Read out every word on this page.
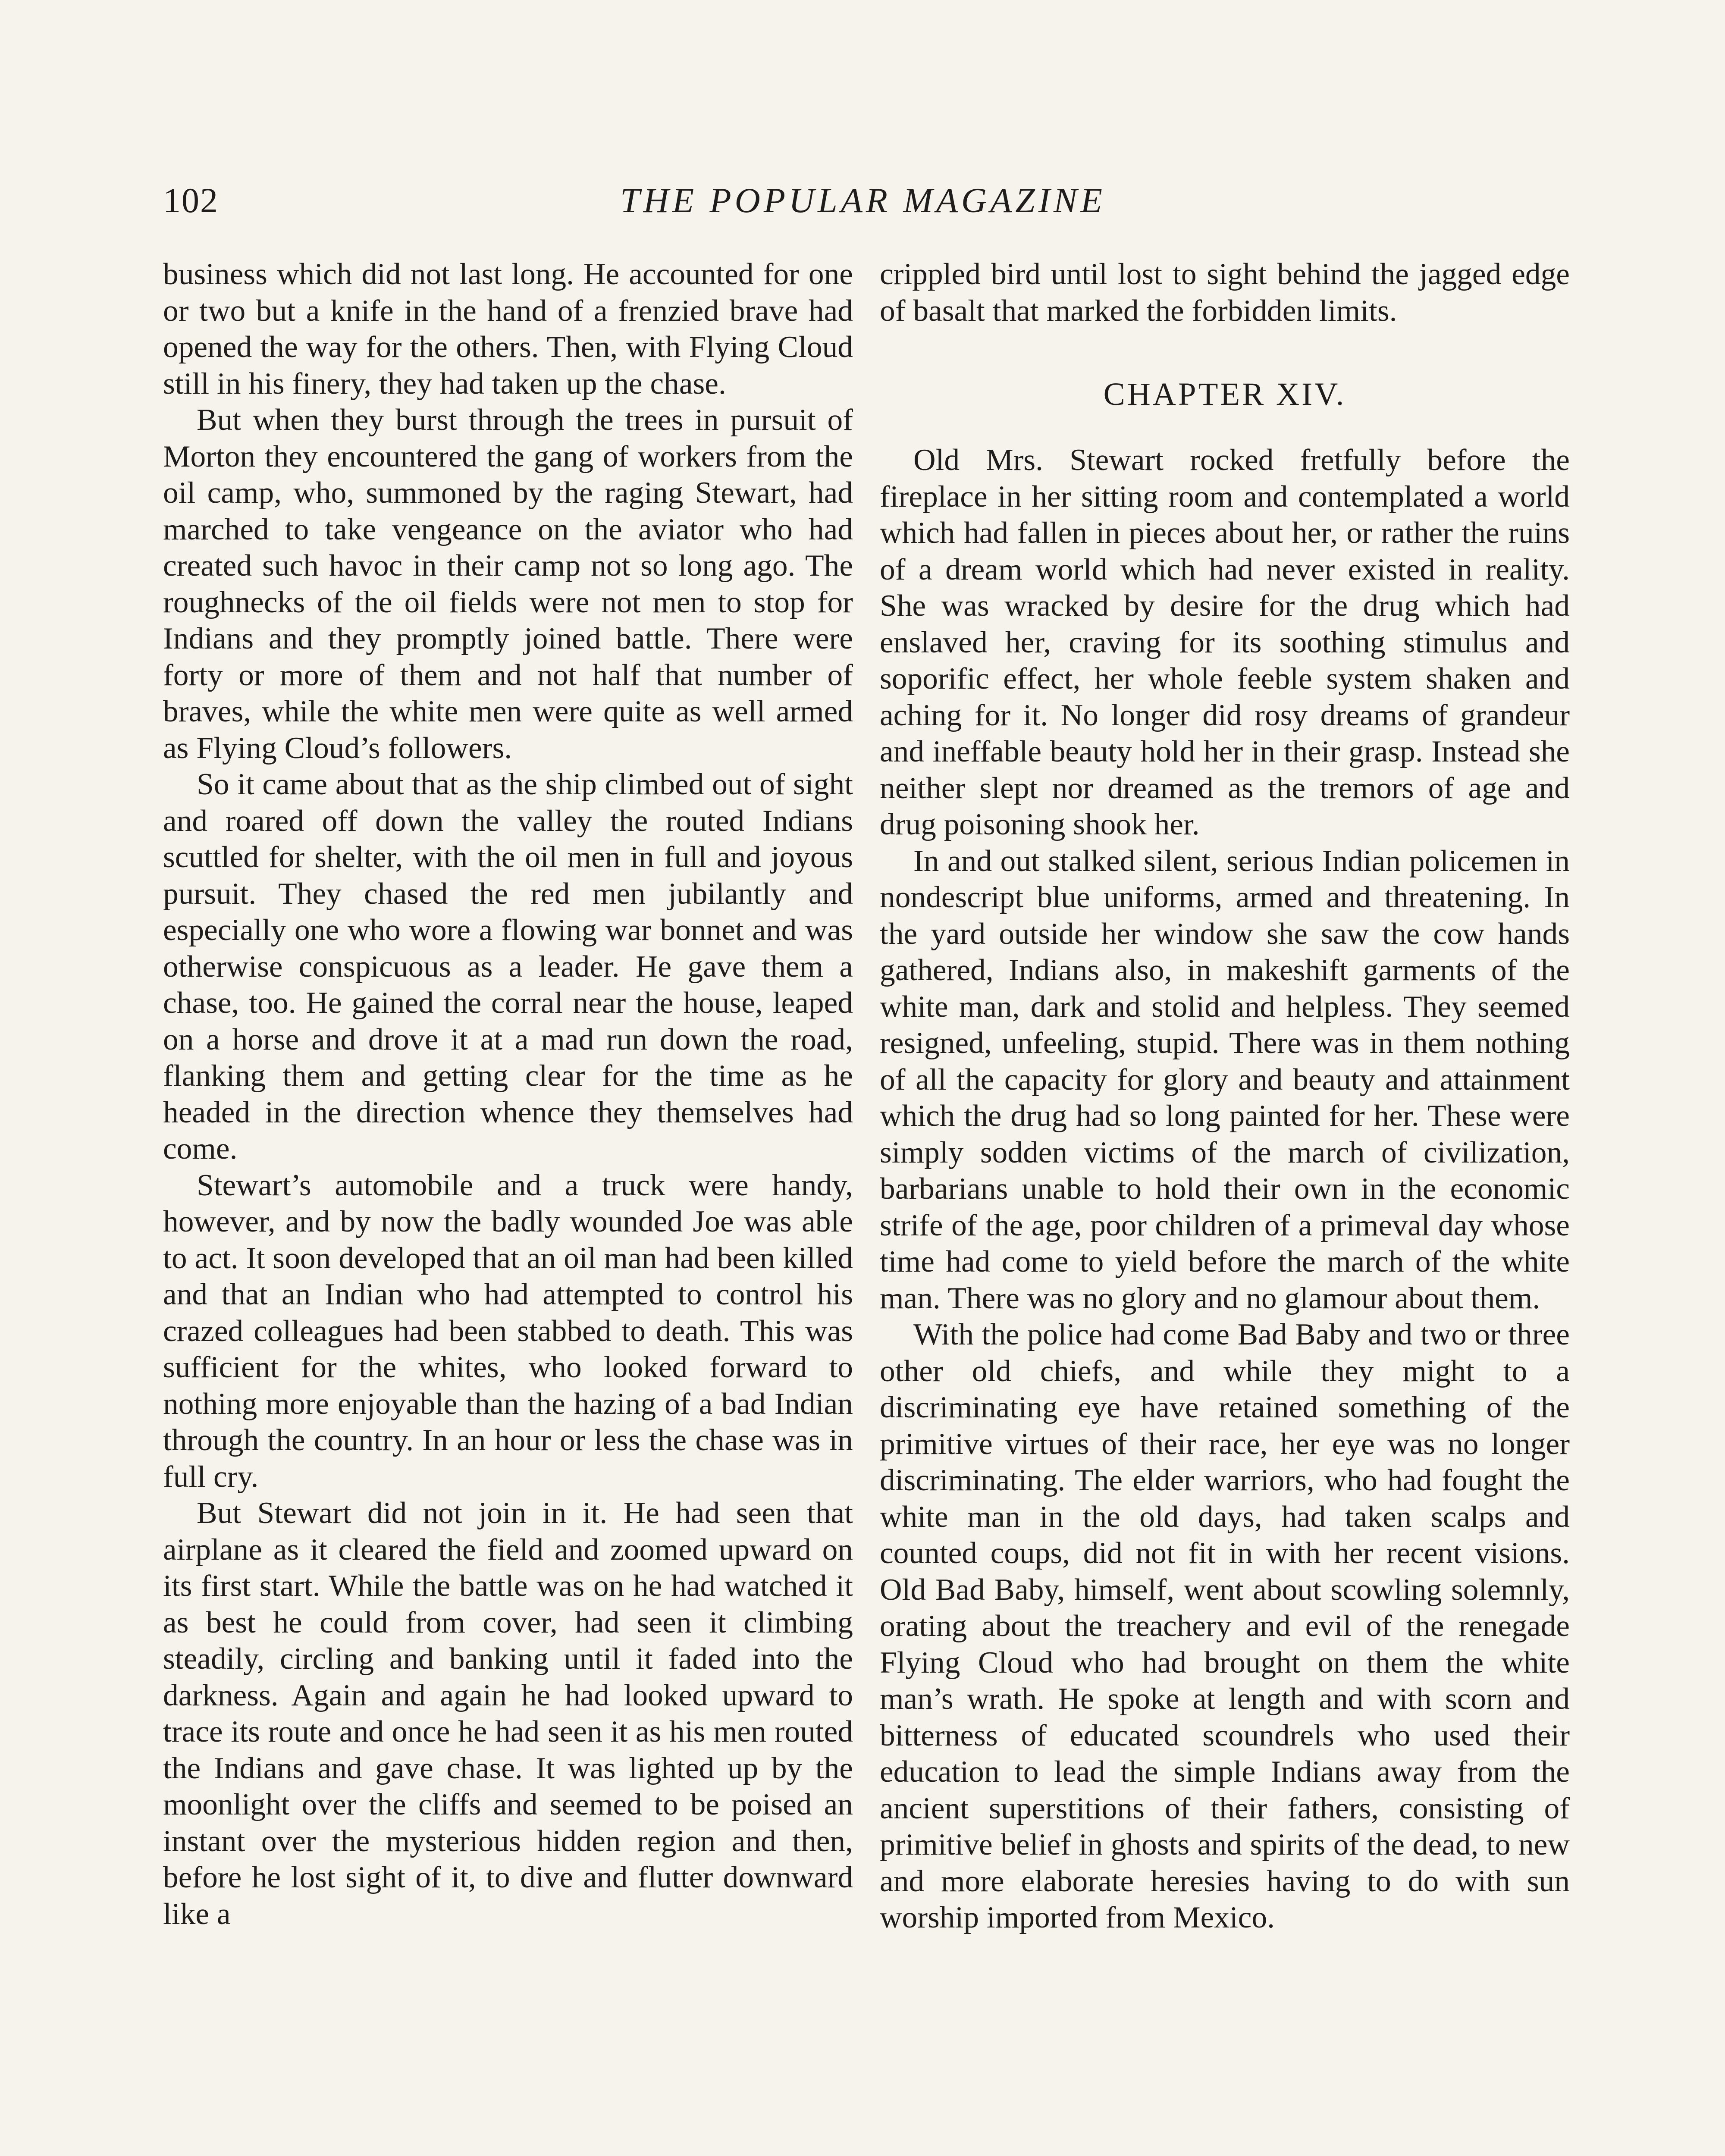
102	THE POPULAR MAGAZINE

business which did not last long. He accounted for one or two but a knife in the hand of a frenzied brave had opened the way for the others. Then, with Flying Cloud still in his finery, they had taken up the chase.

But when they burst through the trees in pursuit of Morton they encountered the gang of workers from the oil camp, who, summoned by the raging Stewart, had marched to take vengeance on the aviator who had created such havoc in their camp not so long ago. The roughnecks of the oil fields were not men to stop for Indians and they promptly joined battle. There were forty or more of them and not half that number of braves, while the white men were quite as well armed as Flying Cloud’s followers.

So it came about that as the ship climbed out of sight and roared off down the valley the routed Indians scuttled for shelter, with the oil men in full and joyous pursuit. They chased the red men jubilantly and especially one who wore a flowing war bonnet and was otherwise conspicuous as a leader. He gave them a chase, too. He gained the corral near the house, leaped on a horse and drove it at a mad run down the road, flanking them and getting clear for the time as he headed in the direction whence they themselves had come.

Stewart’s automobile and a truck were handy, however, and by now the badly wounded Joe was able to act. It soon developed that an oil man had been killed and that an Indian who had attempted to control his crazed colleagues had been stabbed to death. This was sufficient for the whites, who looked forward to nothing more enjoyable than the hazing of a bad Indian through the country. In an hour or less the chase was in full cry.

But Stewart did not join in it. He had seen that airplane as it cleared the field and zoomed upward on its first start. While the battle was on he had watched it as best he could from cover, had seen it climbing steadily, circling and banking until it faded into the darkness. Again and again he had looked upward to trace its route and once he had seen it as his men routed the Indians and gave chase. It was lighted up by the moonlight over the cliffs and seemed to be poised an instant over the mysterious hidden region and then, before he lost sight of it, to dive and flutter downward like a

crippled bird until lost to sight behind the jagged edge of basalt that marked the forbidden limits.

CHAPTER XIV.

Old Mrs. Stewart rocked fretfully before the fireplace in her sitting room and contemplated a world which had fallen in pieces about her, or rather the ruins of a dream world which had never existed in reality. She was wracked by desire for the drug which had enslaved her, craving for its soothing stimulus and soporific effect, her whole feeble system shaken and aching for it. No longer did rosy dreams of grandeur and ineffable beauty hold her in their grasp. Instead she neither slept nor dreamed as the tremors of age and drug poisoning shook her.

In and out stalked silent, serious Indian policemen in nondescript blue uniforms, armed and threatening. In the yard outside her window she saw the cow hands gathered, Indians also, in makeshift garments of the white man, dark and stolid and helpless. They seemed resigned, unfeeling, stupid. There was in them nothing of all the capacity for glory and beauty and attainment which the drug had so long painted for her. These were simply sodden victims of the march of civilization, barbarians unable to hold their own in the economic strife of the age, poor children of a primeval day whose time had come to yield before the march of the white man. There was no glory and no glamour about them.

With the police had come Bad Baby and two or three other old chiefs, and while they might to a discriminating eye have retained something of the primitive virtues of their race, her eye was no longer discriminating. The elder warriors, who had fought the white man in the old days, had taken scalps and counted coups, did not fit in with her recent visions. Old Bad Baby, himself, went about scowling solemnly, orating about the treachery and evil of the renegade Flying Cloud who had brought on them the white man’s wrath. He spoke at length and with scorn and bitterness of educated scoundrels who used their education to lead the simple Indians away from the ancient superstitions of their fathers, consisting of primitive belief in ghosts and spirits of the dead, to new and more elaborate heresies having to do with sun worship imported from Mexico.
